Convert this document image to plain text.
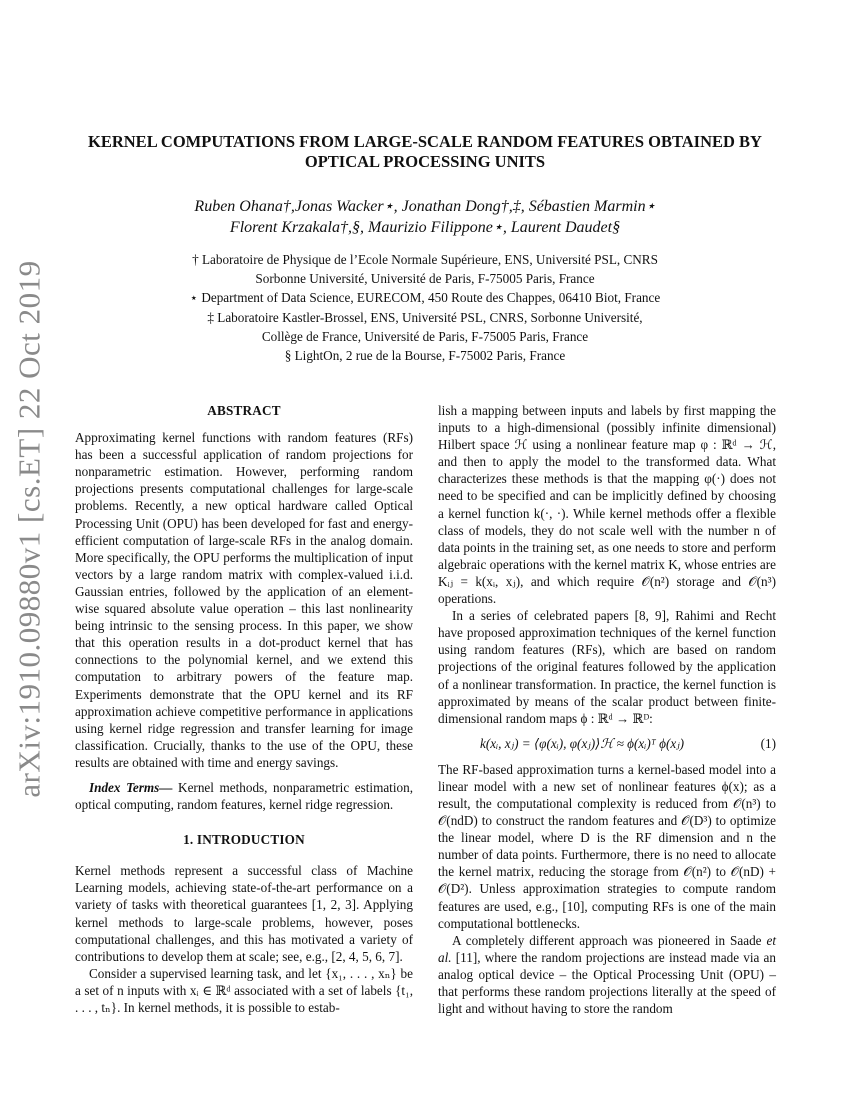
arXiv:1910.09880v1 [cs.ET] 22 Oct 2019
KERNEL COMPUTATIONS FROM LARGE-SCALE RANDOM FEATURES OBTAINED BY
OPTICAL PROCESSING UNITS
Ruben Ohana†,Jonas Wacker⋆, Jonathan Dong†,‡, Sébastien Marmin⋆
Florent Krzakala†,§, Maurizio Filippone⋆, Laurent Daudet§
† Laboratoire de Physique de l’Ecole Normale Supérieure, ENS, Université PSL, CNRS
Sorbonne Université, Université de Paris, F-75005 Paris, France
⋆ Department of Data Science, EURECOM, 450 Route des Chappes, 06410 Biot, France
‡ Laboratoire Kastler-Brossel, ENS, Université PSL, CNRS, Sorbonne Université,
Collège de France, Université de Paris, F-75005 Paris, France
§ LightOn, 2 rue de la Bourse, F-75002 Paris, France
ABSTRACT

Approximating kernel functions with random features (RFs) has been a successful application of random projections for nonparametric estimation. However, performing random projections presents computational challenges for large-scale problems. Recently, a new optical hardware called Optical Processing Unit (OPU) has been developed for fast and energy-efficient computation of large-scale RFs in the analog domain. More specifically, the OPU performs the multiplication of input vectors by a large random matrix with complex-valued i.i.d. Gaussian entries, followed by the application of an element-wise squared absolute value operation – this last nonlinearity being intrinsic to the sensing process. In this paper, we show that this operation results in a dot-product kernel that has connections to the polynomial kernel, and we extend this computation to arbitrary powers of the feature map. Experiments demonstrate that the OPU kernel and its RF approximation achieve competitive performance in applications using kernel ridge regression and transfer learning for image classification. Crucially, thanks to the use of the OPU, these results are obtained with time and energy savings.

Index Terms— Kernel methods, nonparametric estimation, optical computing, random features, kernel ridge regression.

1. INTRODUCTION

Kernel methods represent a successful class of Machine Learning models, achieving state-of-the-art performance on a variety of tasks with theoretical guarantees [1, 2, 3]. Applying kernel methods to large-scale problems, however, poses computational challenges, and this has motivated a variety of contributions to develop them at scale; see, e.g., [2, 4, 5, 6, 7].

Consider a supervised learning task, and let {x₁, . . . , xₙ} be a set of n inputs with xᵢ ∈ ℝᵈ associated with a set of labels {t₁, . . . , tₙ}. In kernel methods, it is possible to estab-

lish a mapping between inputs and labels by first mapping the inputs to a high-dimensional (possibly infinite dimensional) Hilbert space ℋ using a nonlinear feature map φ : ℝᵈ → ℋ, and then to apply the model to the transformed data. What characterizes these methods is that the mapping φ(·) does not need to be specified and can be implicitly defined by choosing a kernel function k(·, ·). While kernel methods offer a flexible class of models, they do not scale well with the number n of data points in the training set, as one needs to store and perform algebraic operations with the kernel matrix K, whose entries are Kᵢⱼ = k(xᵢ, xⱼ), and which require 𝒪(n²) storage and 𝒪(n³) operations.

In a series of celebrated papers [8, 9], Rahimi and Recht have proposed approximation techniques of the kernel function using random features (RFs), which are based on random projections of the original features followed by the application of a nonlinear transformation. In practice, the kernel function is approximated by means of the scalar product between finite-dimensional random maps ϕ : ℝᵈ → ℝᴰ:

k(xᵢ, xⱼ) = ⟨φ(xᵢ), φ(xⱼ)⟩ℋ ≈ ϕ(xᵢ)ᵀ ϕ(xⱼ)	(1)

The RF-based approximation turns a kernel-based model into a linear model with a new set of nonlinear features ϕ(x); as a result, the computational complexity is reduced from 𝒪(n³) to 𝒪(ndD) to construct the random features and 𝒪(D³) to optimize the linear model, where D is the RF dimension and n the number of data points. Furthermore, there is no need to allocate the kernel matrix, reducing the storage from 𝒪(n²) to 𝒪(nD) + 𝒪(D²). Unless approximation strategies to compute random features are used, e.g., [10], computing RFs is one of the main computational bottlenecks.

A completely different approach was pioneered in Saade et al. [11], where the random projections are instead made via an analog optical device – the Optical Processing Unit (OPU) – that performs these random projections literally at the speed of light and without having to store the random
